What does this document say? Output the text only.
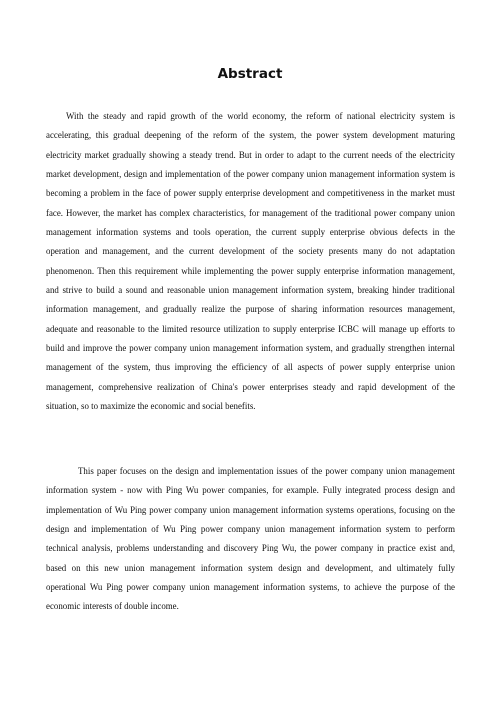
Abstract

With the steady and rapid growth of the world economy, the reform of national electricity system is accelerating, this gradual deepening of the reform of the system, the power system development maturing electricity market gradually showing a steady trend. But in order to adapt to the current needs of the electricity market development, design and implementation of the power company union management information system is becoming a problem in the face of power supply enterprise development and competitiveness in the market must face. However, the market has complex characteristics, for management of the traditional power company union management information systems and tools operation, the current supply enterprise obvious defects in the operation and management, and the current development of the society presents many do not adaptation phenomenon. Then this requirement while implementing the power supply enterprise information management, and strive to build a sound and reasonable union management information system, breaking hinder traditional information management, and gradually realize the purpose of sharing information resources management, adequate and reasonable to the limited resource utilization to supply enterprise ICBC will manage up efforts to build and improve the power company union management information system, and gradually strengthen internal management of the system, thus improving the efficiency of all aspects of power supply enterprise union management, comprehensive realization of China's power enterprises steady and rapid development of the situation, so to maximize the economic and social benefits.

This paper focuses on the design and implementation issues of the power company union management information system - now with Ping Wu power companies, for example. Fully integrated process design and implementation of Wu Ping power company union management information systems operations, focusing on the design and implementation of Wu Ping power company union management information system to perform technical analysis, problems understanding and discovery Ping Wu, the power company in practice exist and, based on this new union management information system design and development, and ultimately fully operational Wu Ping power company union management information systems, to achieve the purpose of the economic interests of double income.
